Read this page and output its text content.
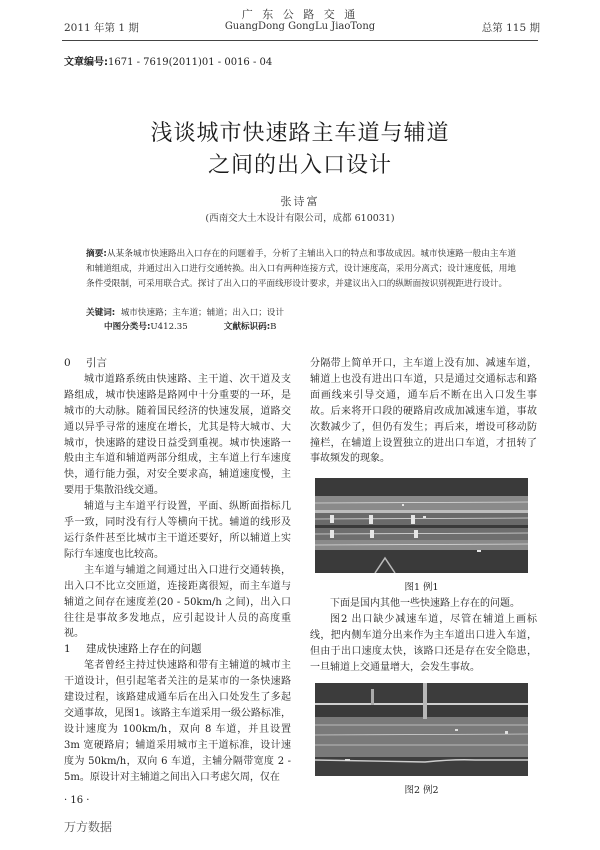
2011 年第 1 期
广 东 公 路 交 通
GuangDong GongLu JiaoTong	总第 115 期
文章编号:1671 - 7619(2011)01 - 0016 - 04
浅谈城市快速路主车道与辅道
之间的出入口设计
张诗富
(西南交大土木设计有限公司，成都 610031)
摘要:从某条城市快速路出入口存在的问题着手，分析了主辅出入口的特点和事故成因。城市快速路一般由主车道和辅道组成，并通过出入口进行交通转换。出入口有两种连接方式，设计速度高，采用分离式；设计速度低，用地条件受限制，可采用联合式。探讨了出入口的平面线形设计要求，并建议出入口的纵断面按识别视距进行设计。
关键词: 城市快速路；主车道；辅道；出入口；设计
中图分类号:U412.35	文献标识码:B

0 引言

城市道路系统由快速路、主干道、次干道及支路组成，城市快速路是路网中十分重要的一环，是城市的大动脉。随着国民经济的快速发展，道路交通以异乎寻常的速度在增长，尤其是特大城市、大城市，快速路的建设日益受到重视。城市快速路一般由主车道和辅道两部分组成，主车道上行车速度快，通行能力强，对安全要求高，辅道速度慢，主要用于集散沿线交通。

辅道与主车道平行设置，平面、纵断面指标几乎一致，同时没有行人等横向干扰。辅道的线形及运行条件甚至比城市主干道还要好，所以辅道上实际行车速度也比较高。

主车道与辅道之间通过出入口进行交通转换，出入口不比立交匝道，连接距离很短，而主车道与辅道之间存在速度差(20 - 50km/h 之间)，出入口往往是事故多发地点，应引起设计人员的高度重视。

1 建成快速路上存在的问题

笔者曾经主持过快速路和带有主辅道的城市主干道设计，但引起笔者关注的是某市的一条快速路建设过程，该路建成通车后在出入口处发生了多起交通事故，见图1。该路主车道采用一级公路标准，设计速度为 100km/h，双向 8 车道，并且设置 3m 宽硬路肩；辅道采用城市主干道标准，设计速度为 50km/h，双向 6 车道，主辅分隔带宽度 2 - 5m。原设计对主辅道之间出入口考虑欠周，仅在

分隔带上简单开口，主车道上没有加、减速车道，辅道上也没有进出口车道，只是通过交通标志和路面画线来引导交通，通车后不断在出入口发生事故。后来将开口段的硬路肩改成加减速车道，事故次数减少了，但仍有发生；再后来，增设可移动防撞栏，在辅道上设置独立的进出口车道，才扭转了事故频发的现象。

图1 例1

下面是国内其他一些快速路上存在的问题。

图2 出口缺少减速车道，尽管在辅道上画标线，把内侧车道分出来作为主车道出口进入车道，但由于出口速度太快，该路口还是存在安全隐患，一旦辅道上交通量增大，会发生事故。

图2 例2
· 16 ·
万方数据
